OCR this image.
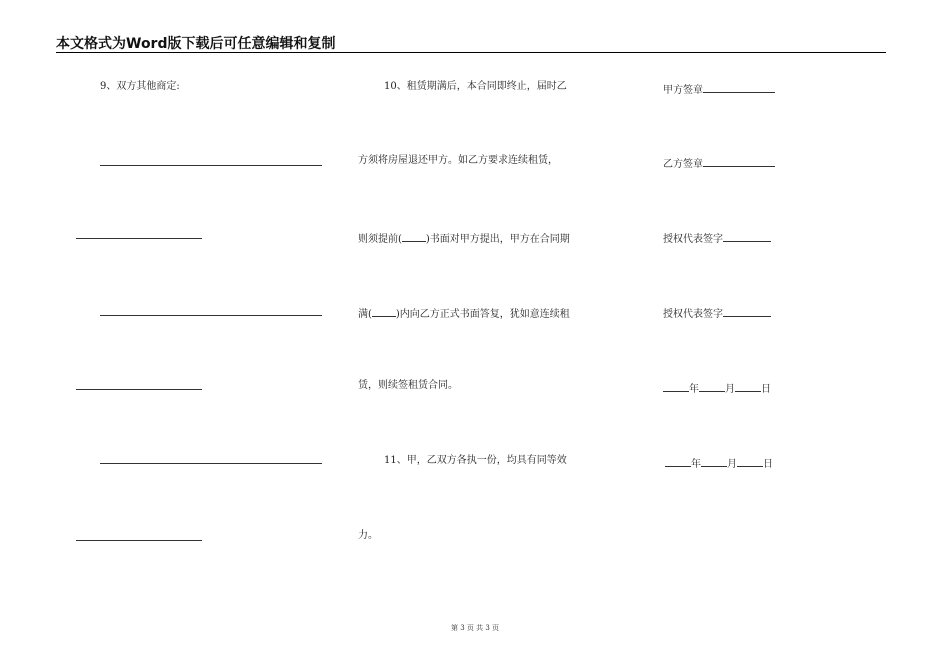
本文格式为Word版下载后可任意编辑和复制
9、双方其他商定:	10、租赁期满后，本合同即终止，届时乙
方须将房屋退还甲方。如乙方要求连续租赁，
则须提前( )书面对甲方提出，甲方在合同期
满( )内向乙方正式书面答复，犹如意连续租
赁，则续签租赁合同。
11、甲，乙双方各执一份，均具有同等效
力。
甲方签章
乙方签章
授权代表签字
授权代表签字
年	月	日
年	月	日
第 3 页 共 3 页
